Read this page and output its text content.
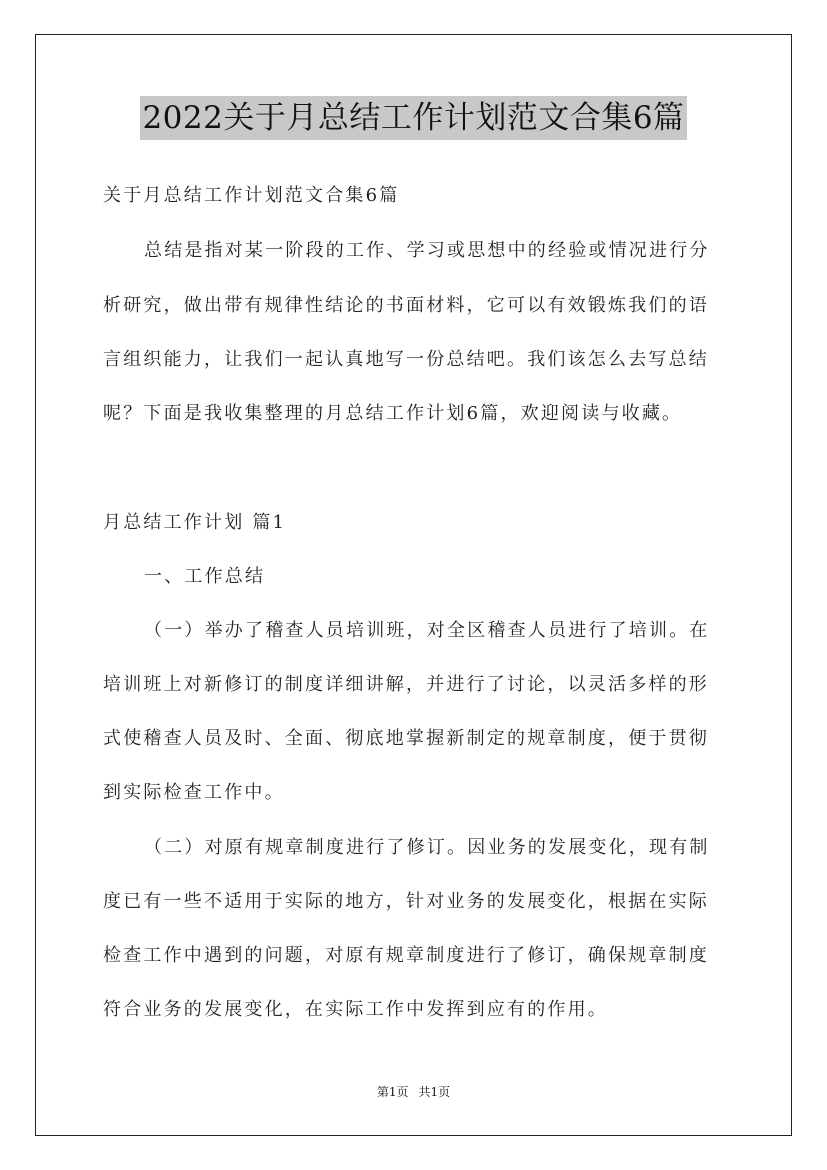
2022关于月总结工作计划范文合集6篇
关于月总结工作计划范文合集6篇
总结是指对某一阶段的工作、学习或思想中的经验或情况进行分
析研究，做出带有规律性结论的书面材料，它可以有效锻炼我们的语
言组织能力，让我们一起认真地写一份总结吧。我们该怎么去写总结
呢？下面是我收集整理的月总结工作计划6篇，欢迎阅读与收藏。
月总结工作计划 篇1
一、工作总结
（一）举办了稽查人员培训班，对全区稽查人员进行了培训。在
培训班上对新修订的制度详细讲解，并进行了讨论，以灵活多样的形
式使稽查人员及时、全面、彻底地掌握新制定的规章制度，便于贯彻
到实际检查工作中。
（二）对原有规章制度进行了修订。因业务的发展变化，现有制
度已有一些不适用于实际的地方，针对业务的发展变化，根据在实际
检查工作中遇到的问题，对原有规章制度进行了修订，确保规章制度
符合业务的发展变化，在实际工作中发挥到应有的作用。
第1页 共1页
